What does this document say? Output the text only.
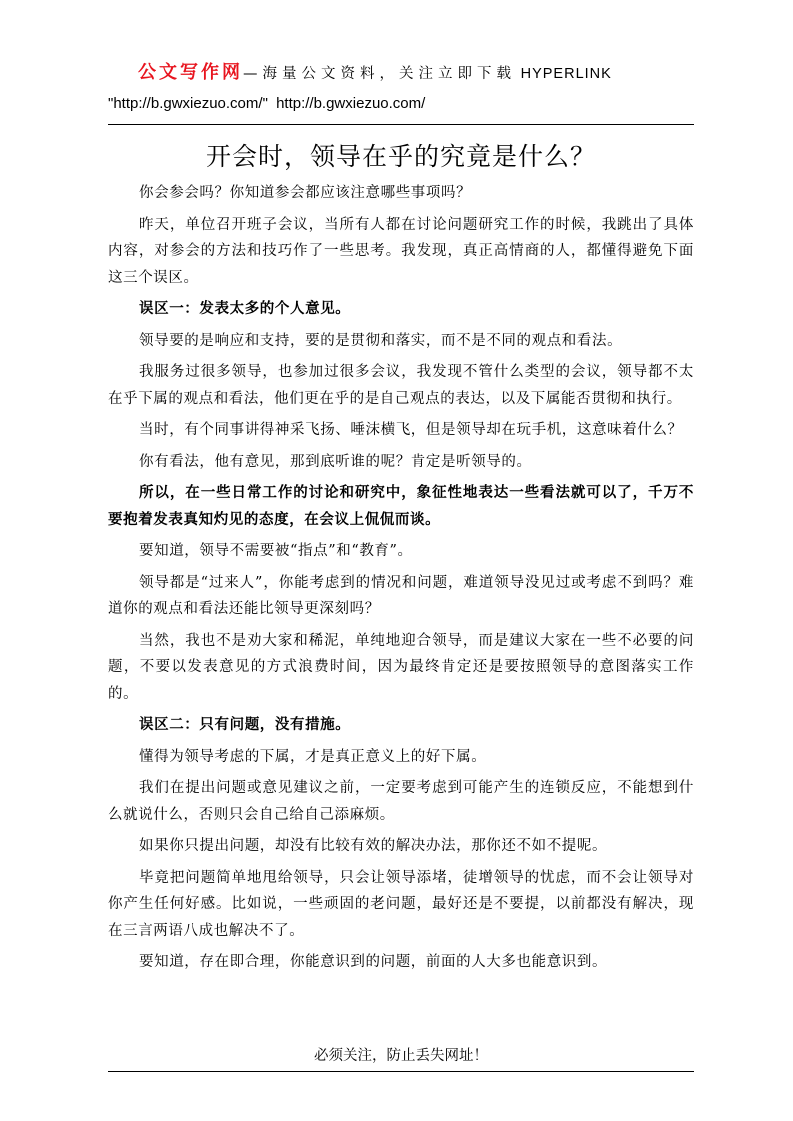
公文写作网—海量公文资料，关注立即下载 HYPERLINK
"http://b.gwxiezuo.com/" http://b.gwxiezuo.com/
开会时，领导在乎的究竟是什么？

你会参会吗？你知道参会都应该注意哪些事项吗？

昨天，单位召开班子会议，当所有人都在讨论问题研究工作的时候，我跳出了具体内容，对参会的方法和技巧作了一些思考。我发现，真正高情商的人，都懂得避免下面这三个误区。

误区一：发表太多的个人意见。

领导要的是响应和支持，要的是贯彻和落实，而不是不同的观点和看法。

我服务过很多领导，也参加过很多会议，我发现不管什么类型的会议，领导都不太在乎下属的观点和看法，他们更在乎的是自己观点的表达，以及下属能否贯彻和执行。

当时，有个同事讲得神采飞扬、唾沫横飞，但是领导却在玩手机，这意味着什么？

你有看法，他有意见，那到底听谁的呢？肯定是听领导的。

所以，在一些日常工作的讨论和研究中，象征性地表达一些看法就可以了，千万不要抱着发表真知灼见的态度，在会议上侃侃而谈。

要知道，领导不需要被“指点”和“教育”。

领导都是“过来人”，你能考虑到的情况和问题，难道领导没见过或考虑不到吗？难道你的观点和看法还能比领导更深刻吗？

当然，我也不是劝大家和稀泥，单纯地迎合领导，而是建议大家在一些不必要的问题，不要以发表意见的方式浪费时间，因为最终肯定还是要按照领导的意图落实工作的。

误区二：只有问题，没有措施。

懂得为领导考虑的下属，才是真正意义上的好下属。

我们在提出问题或意见建议之前，一定要考虑到可能产生的连锁反应，不能想到什么就说什么，否则只会自己给自己添麻烦。

如果你只提出问题，却没有比较有效的解决办法，那你还不如不提呢。

毕竟把问题简单地甩给领导，只会让领导添堵，徒增领导的忧虑，而不会让领导对你产生任何好感。比如说，一些顽固的老问题，最好还是不要提，以前都没有解决，现在三言两语八成也解决不了。

要知道，存在即合理，你能意识到的问题，前面的人大多也能意识到。

必须关注，防止丢失网址！
